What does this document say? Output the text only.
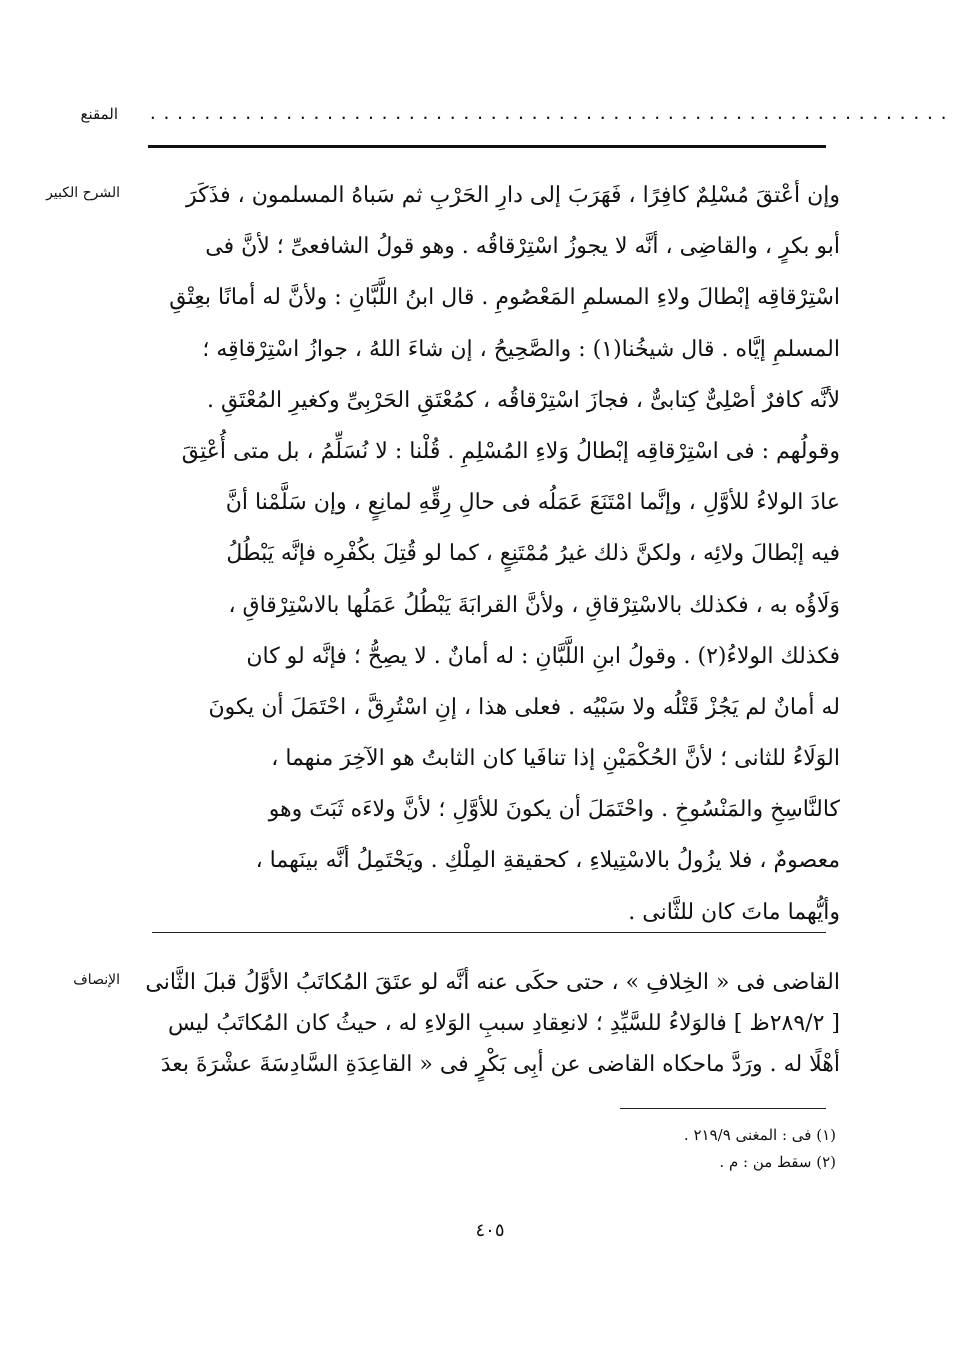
المقنع ...........................................................
الشرح الكبير	وإن أعْتقَ مُسْلِمٌ كافِرًا ، فَهَرَبَ إلى دارِ الحَرْبِ ثم سَباهُ المسلمون ، فذَكَرَ
أبو بكرٍ ، والقاضِى ، أنَّه لا يجوزُ اسْتِرْقاقُه . وهو قولُ الشافعىِّ ؛ لأنَّ فى
اسْتِرْقاقِه إبْطالَ ولاءِ المسلمِ المَعْصُومِ . قال ابنُ اللَّبَّانِ : ولأنَّ له أمانًا بعِتْقِ
المسلمِ إيَّاه . قال شيخُنا(١) : والصَّحِيحُ ، إن شاءَ اللهُ ، جوازُ اسْتِرْقاقِه ؛
لأنَّه كافرٌ أصْلِىٌّ كِتابىٌّ ، فجازَ اسْتِرْقاقُه ، كمُعْتَقِ الحَرْبِىِّ وكغيرِ المُعْتَقِ .
وقولُهم : فى اسْتِرْقاقِه إبْطالُ وَلاءِ المُسْلِمِ . قُلْنا : لا نُسَلِّمُ ، بل متى أُعْتِقَ
عادَ الولاءُ للأوَّلِ ، وإنَّما امْتَنَعَ عَمَلُه فى حالِ رِقِّهِ لمانِعٍ ، وإن سَلَّمْنا أنَّ
فيه إبْطالَ ولائِه ، ولكنَّ ذلك غيرُ مُمْتَنِعٍ ، كما لو قُتِلَ بكُفْرِه فإنَّه يَبْطُلُ
وَلَاؤُه به ، فكذلك بالاسْتِرْقاقِ ، ولأنَّ القرابَةَ يَبْطُلُ عَمَلُها بالاسْتِرْقاقِ ،
فكذلك الولاءُ(٢) . وقولُ ابنِ اللَّبَّانِ : له أمانٌ . لا يصِحُّ ؛ فإنَّه لو كان
له أمانٌ لم يَجُزْ قَتْلُه ولا سَبْيُه . فعلى هذا ، إنِ اسْتُرِقَّ ، احْتَمَلَ أن يكونَ
الوَلَاءُ للثانى ؛ لأنَّ الحُكْمَيْنِ إذا تنافَيا كان الثابتُ هو الآخِرَ منهما ،
كالنَّاسِخِ والمَنْسُوخِ . واحْتَمَلَ أن يكونَ للأوَّلِ ؛ لأنَّ ولاءَه ثَبَتَ وهو
معصومٌ ، فلا يزُولُ بالاسْتِيلاءِ ، كحقيقةِ المِلْكِ . ويَحْتَمِلُ أنَّه بينَهما ،
وأيُّهما ماتَ كان للثَّانى .
الإنصاف القاضى فى « الخِلافِ » ، حتى حكَى عنه أنَّه لو عتَقَ المُكاتَبُ الأوَّلُ قبلَ الثَّانى
[ ٢٨٩/٢ظ ] فالوَلاءُ للسَّيِّدِ ؛ لانعِقادِ سببِ الوَلاءِ له ، حيثُ كان المُكاتَبُ ليس
أهْلًا له . ورَدَّ ماحكاه القاضى عن أبِى بَكْرٍ فى « القاعِدَةِ السَّادِسَةَ عشْرَةَ بعدَ
(١) فى : المغنى ٢١٩/٩ .
(٢) سقط من : م .
٤٠٥
